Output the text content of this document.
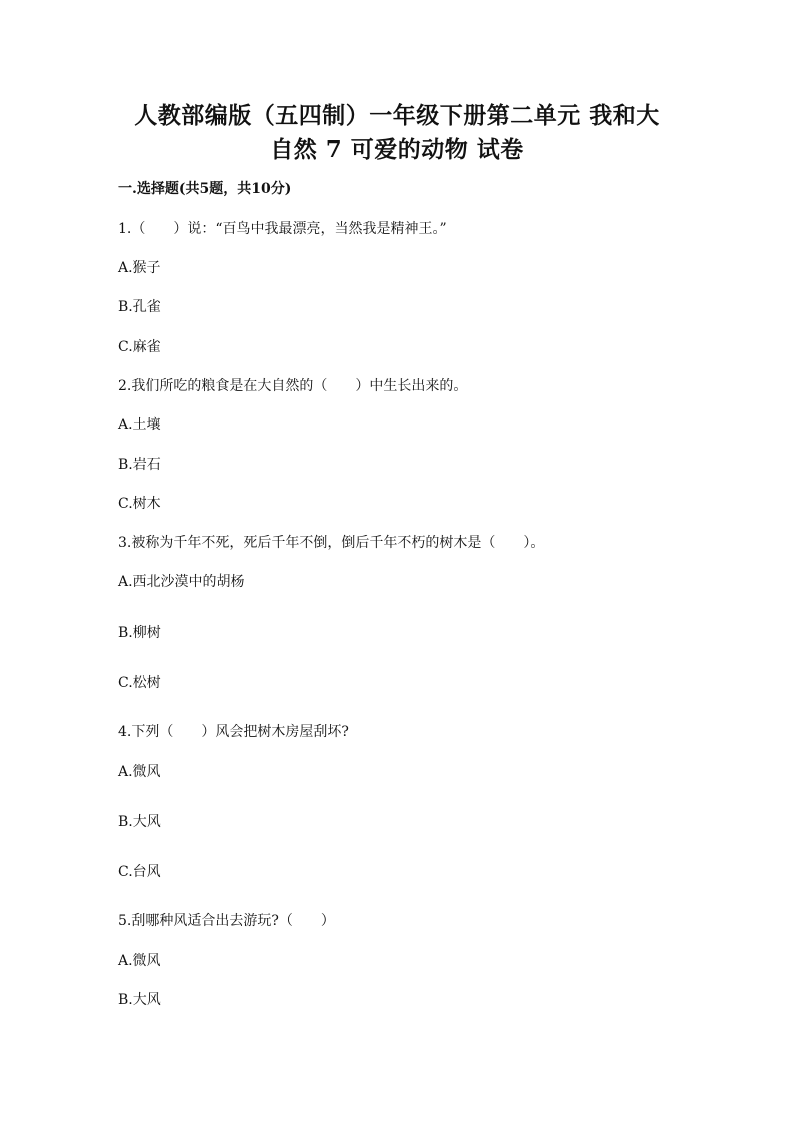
人教部编版（五四制）一年级下册第二单元 我和大
自然 7 可爱的动物 试卷
一.选择题(共5题，共10分)
1.（　　）说：“百鸟中我最漂亮，当然我是精神王。”
A.猴子
B.孔雀
C.麻雀
2.我们所吃的粮食是在大自然的（　　）中生长出来的。
A.土壤
B.岩石
C.树木
3.被称为千年不死，死后千年不倒，倒后千年不朽的树木是（　　）。
A.西北沙漠中的胡杨
B.柳树
C.松树
4.下列（　　）风会把树木房屋刮坏?
A.微风
B.大风
C.台风
5.刮哪种风适合出去游玩?（　　）
A.微风
B.大风
